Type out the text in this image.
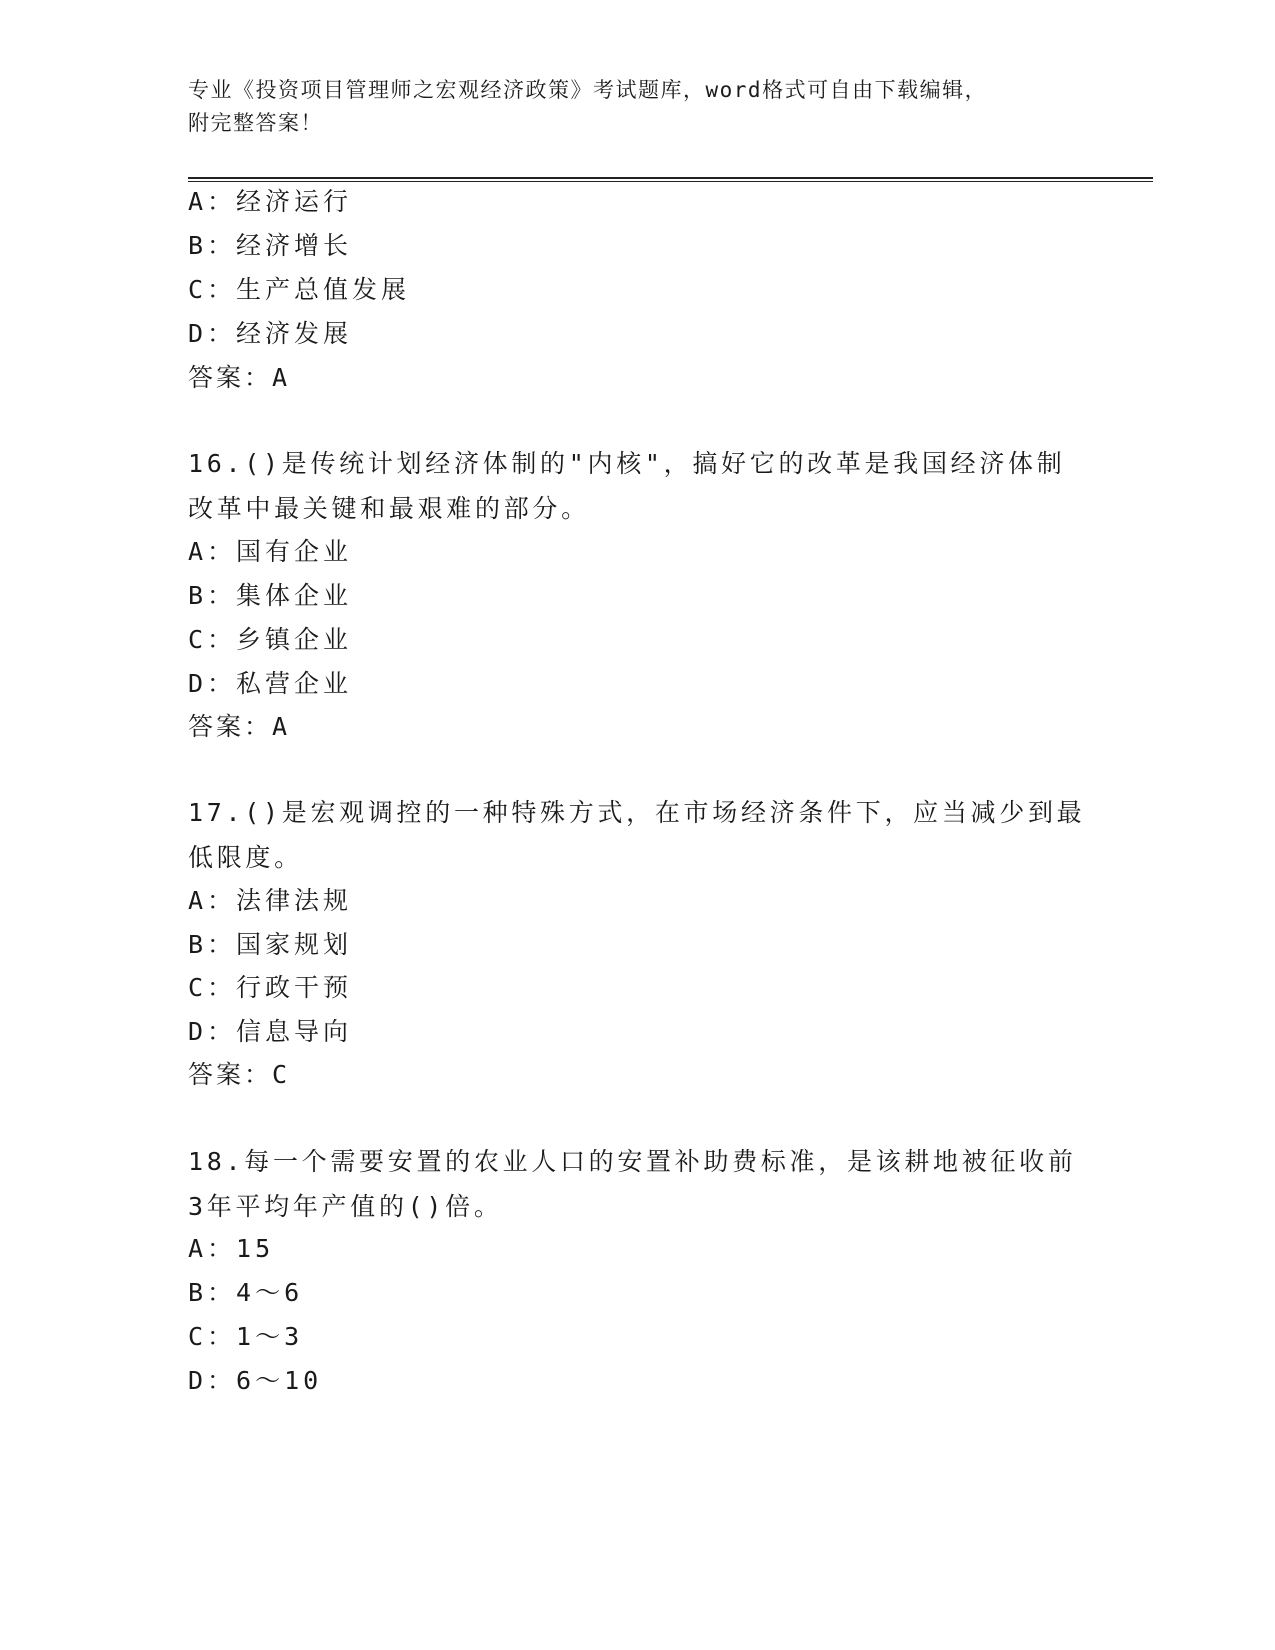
专业《投资项目管理师之宏观经济政策》考试题库，word格式可自由下载编辑，
附完整答案！
A：经济运行
B：经济增长
C：生产总值发展
D：经济发展
答案：A
16.()是传统计划经济体制的"内核"，搞好它的改革是我国经济体制改革中最关键和最艰难的部分。
A：国有企业
B：集体企业
C：乡镇企业
D：私营企业
答案：A
17.()是宏观调控的一种特殊方式，在市场经济条件下，应当减少到最低限度。
A：法律法规
B：国家规划
C：行政干预
D：信息导向
答案：C
18.每一个需要安置的农业人口的安置补助费标准，是该耕地被征收前3年平均年产值的()倍。
A：15
B：4～6
C：1～3
D：6～10
